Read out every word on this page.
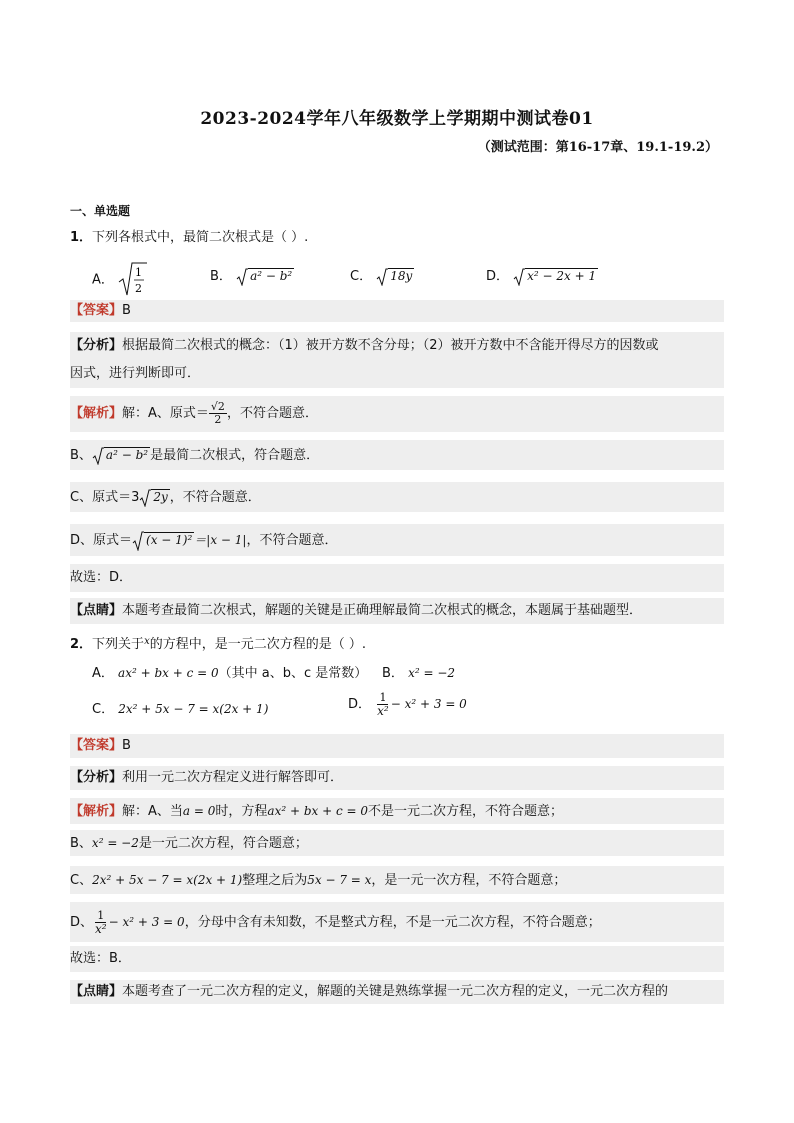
2023-2024学年八年级数学上学期期中测试卷01
（测试范围：第16-17章、19.1-19.2）
一、单选题
1．下列各根式中，最简二次根式是（ ）.
A． 1
2
B． a² − b²	C． 18y	D． x² − 2x + 1
【答案】B
【分析】根据最简二次根式的概念：（1）被开方数不含分母；（2）被开方数中不含能开得尽方的因数或
因式，进行判断即可．
【解析】解：A、原式＝ $\frac{√2}{2}$ ，不符合题意．
B、 a² − b² 是最简二次根式，符合题意．
C、原式＝3 2y ，不符合题意．
D、原式＝ (x − 1)² ＝|x − 1|，不符合题意．
故选：D．
【点睛】本题考查最简二次根式，解题的关键是正确理解最简二次根式的概念，本题属于基础题型．
2．下列关于$^x$的方程中，是一元二次方程的是（ ）.
A． ax² + bx + c = 0（其中 a、b、c 是常数） B． x² = −2
C． 2x² + 5x − 7 = x(2x + 1)	D． $\frac{1}{\text{x²}} - x^2 + 3 = 0$
【答案】B
【分析】利用一元二次方程定义进行解答即可．
【解析】解：A、当a = 0时，方程ax² + bx + c = 0不是一元二次方程，不符合题意；
B、x² = −2是一元二次方程，符合题意；
C、2x² + 5x − 7 = x(2x + 1)整理之后为5x − 7 = x，是一元一次方程，不符合题意；
D、 $\frac{1}{\text{x²}} - x^2 + 3 = 0$，分母中含有未知数，不是整式方程，不是一元二次方程，不符合题意；
故选：B．
【点睛】本题考查了一元二次方程的定义，解题的关键是熟练掌握一元二次方程的定义，一元二次方程的
